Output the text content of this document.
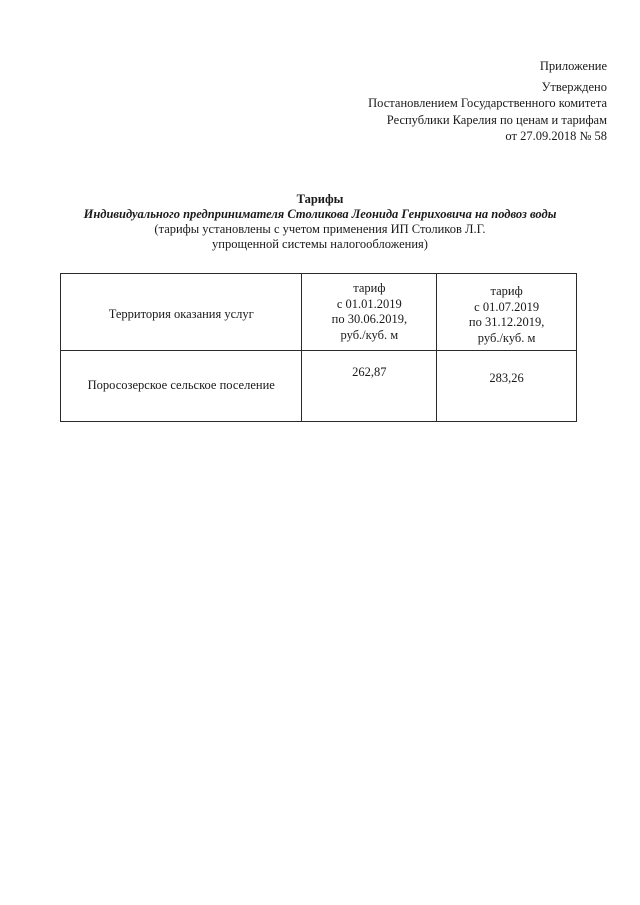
Приложение
Утверждено
Постановлением Государственного комитета
Республики Карелия по ценам и тарифам
от 27.09.2018 № 58
Тарифы
Индивидуального предпринимателя Столикова Леонида Генриховича на подвоз воды
(тарифы установлены с учетом применения ИП Столиков Л.Г.
упрощенной системы налогообложения)
Территория оказания услуг	тариф
с 01.01.2019
по 30.06.2019,
руб./куб. м	тариф
с 01.07.2019
по 31.12.2019,
руб./куб. м

Поросозерское сельское поселение	262,87	283,26
